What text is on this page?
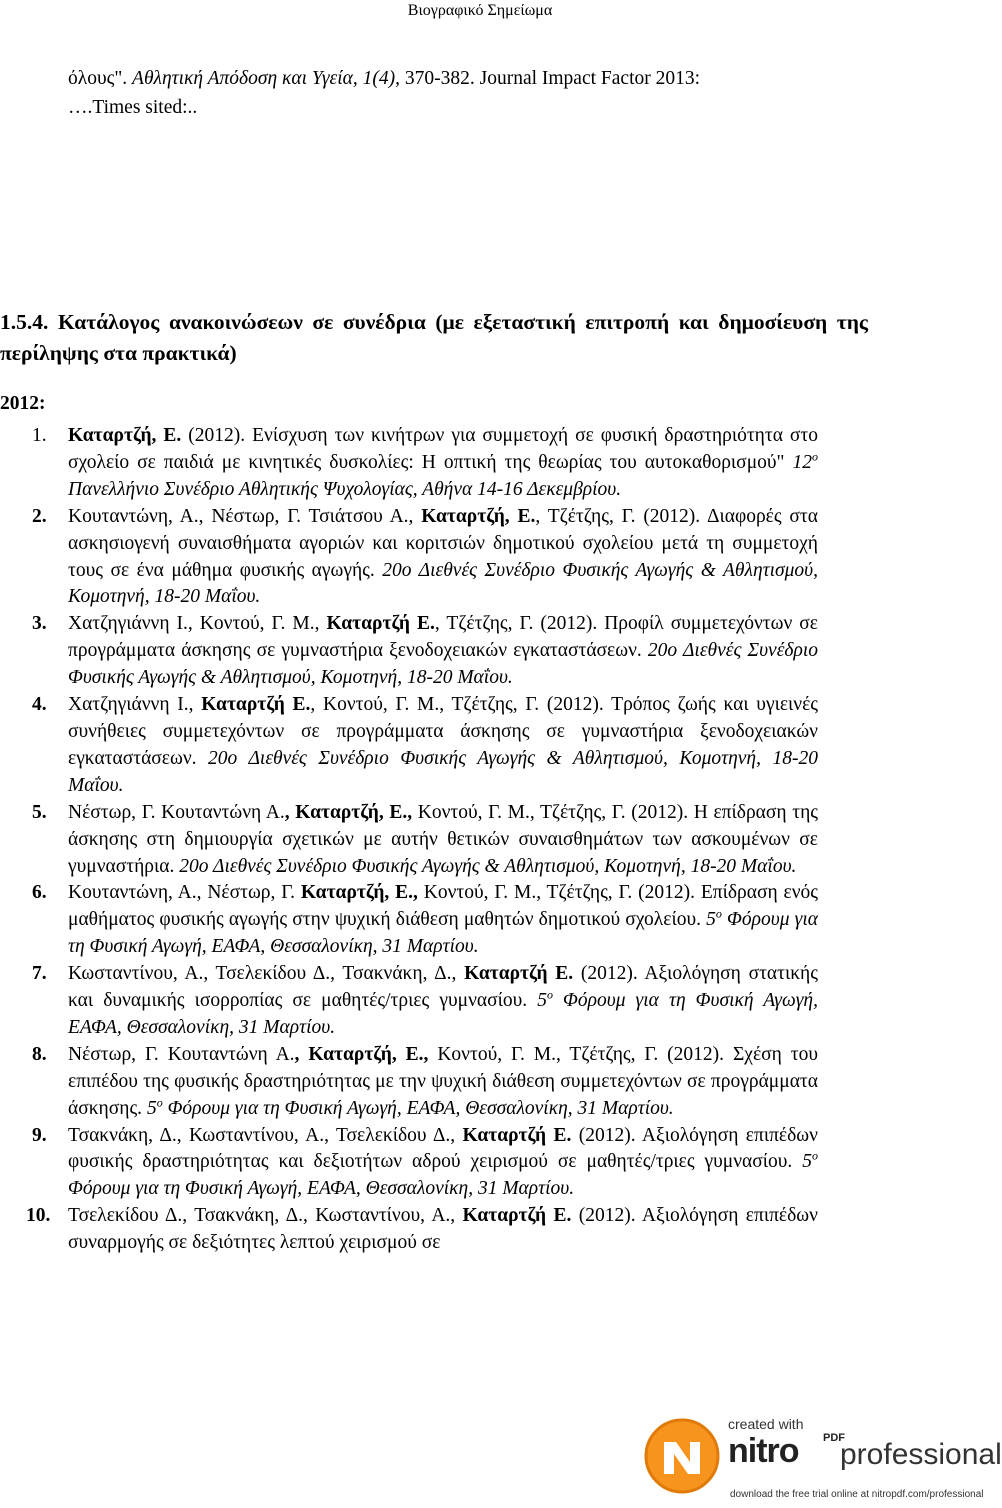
Βιογραφικό Σημείωμα

όλους". Αθλητική Απόδοση και Υγεία, 1(4), 370-382. Journal Impact Factor 2013:

….Times sited:..

1.5.4. Κατάλογος ανακοινώσεων σε συνέδρια (με εξεταστική επιτροπή και δημοσίευση της περίληψης στα πρακτικά)
2012:

1. Καταρτζή, Ε. (2012). Ενίσχυση των κινήτρων για συμμετοχή σε φυσική δραστηριότητα στο σχολείο σε παιδιά με κινητικές δυσκολίες: Η οπτική της θεωρίας του αυτοκαθορισμού" $12^o$ Πανελλήνιο Συνέδριο Αθλητικής Ψυχολογίας, Αθήνα 14-16 Δεκεμβρίου.

2. Κουταντώνη, Α., Νέστωρ, Γ. Τσιάτσου Α., Καταρτζή, Ε., Τζέτζης, Γ. (2012). Διαφορές στα ασκησιογενή συναισθήματα αγοριών και κοριτσιών δημοτικού σχολείου μετά τη συμμετοχή τους σε ένα μάθημα φυσικής αγωγής. 20ο Διεθνές Συνέδριο Φυσικής Αγωγής & Αθλητισμού, Κομοτηνή, 18-20 Μαΐου.

3. Χατζηγιάννη Ι., Κοντού, Γ. Μ., Καταρτζή Ε., Τζέτζης, Γ. (2012). Προφίλ συμμετεχόντων σε προγράμματα άσκησης σε γυμναστήρια ξενοδοχειακών εγκαταστάσεων. 20ο Διεθνές Συνέδριο Φυσικής Αγωγής & Αθλητισμού, Κομοτηνή, 18-20 Μαΐου.

4. Χατζηγιάννη Ι., Καταρτζή Ε., Κοντού, Γ. Μ., Τζέτζης, Γ. (2012). Τρόπος ζωής και υγιεινές συνήθειες συμμετεχόντων σε προγράμματα άσκησης σε γυμναστήρια ξενοδοχειακών εγκαταστάσεων. 20ο Διεθνές Συνέδριο Φυσικής Αγωγής & Αθλητισμού, Κομοτηνή, 18-20 Μαΐου.

5. Νέστωρ, Γ. Κουταντώνη Α., Καταρτζή, Ε., Κοντού, Γ. Μ., Τζέτζης, Γ. (2012). Η επίδραση της άσκησης στη δημιουργία σχετικών με αυτήν θετικών συναισθημάτων των ασκουμένων σε γυμναστήρια. 20ο Διεθνές Συνέδριο Φυσικής Αγωγής & Αθλητισμού, Κομοτηνή, 18-20 Μαΐου.

6. Κουταντώνη, Α., Νέστωρ, Γ. Καταρτζή, Ε., Κοντού, Γ. Μ., Τζέτζης, Γ. (2012). Επίδραση ενός μαθήματος φυσικής αγωγής στην ψυχική διάθεση μαθητών δημοτικού σχολείου. $5^o$ Φόρουμ για τη Φυσική Αγωγή, ΕΑΦΑ, Θεσσαλονίκη, 31 Μαρτίου.

7. Κωσταντίνου, Α., Τσελεκίδου Δ., Τσακνάκη, Δ., Καταρτζή Ε. (2012). Αξιολόγηση στατικής και δυναμικής ισορροπίας σε μαθητές/τριες γυμνασίου. $5^o$ Φόρουμ για τη Φυσική Αγωγή, ΕΑΦΑ, Θεσσαλονίκη, 31 Μαρτίου.

8. Νέστωρ, Γ. Κουταντώνη Α., Καταρτζή, Ε., Κοντού, Γ. Μ., Τζέτζης, Γ. (2012). Σχέση του επιπέδου της φυσικής δραστηριότητας με την ψυχική διάθεση συμμετεχόντων σε προγράμματα άσκησης. $5^o$ Φόρουμ για τη Φυσική Αγωγή, ΕΑΦΑ, Θεσσαλονίκη, 31 Μαρτίου.

9. Τσακνάκη, Δ., Κωσταντίνου, Α., Τσελεκίδου Δ., Καταρτζή Ε. (2012). Αξιολόγηση επιπέδων φυσικής δραστηριότητας και δεξιοτήτων αδρού χειρισμού σε μαθητές/τριες γυμνασίου. $5^o$ Φόρουμ για τη Φυσική Αγωγή, ΕΑΦΑ, Θεσσαλονίκη, 31 Μαρτίου.

10. Τσελεκίδου Δ., Τσακνάκη, Δ., Κωσταντίνου, Α., Καταρτζή Ε. (2012). Αξιολόγηση επιπέδων συναρμογής σε δεξιότητες λεπτού χειρισμού σε

created with
nitro PDF
professional
download the free trial online at nitropdf.com/professional
